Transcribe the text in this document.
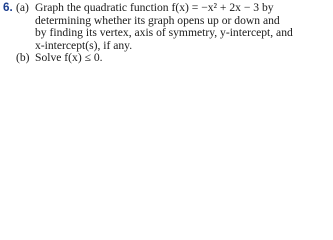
6. (a) Graph the quadratic function f(x) = −x² + 2x − 3 by
determining whether its graph opens up or down and
by finding its vertex, axis of symmetry, y-intercept, and
x-intercept(s), if any.
(b) Solve f(x) ≤ 0.
